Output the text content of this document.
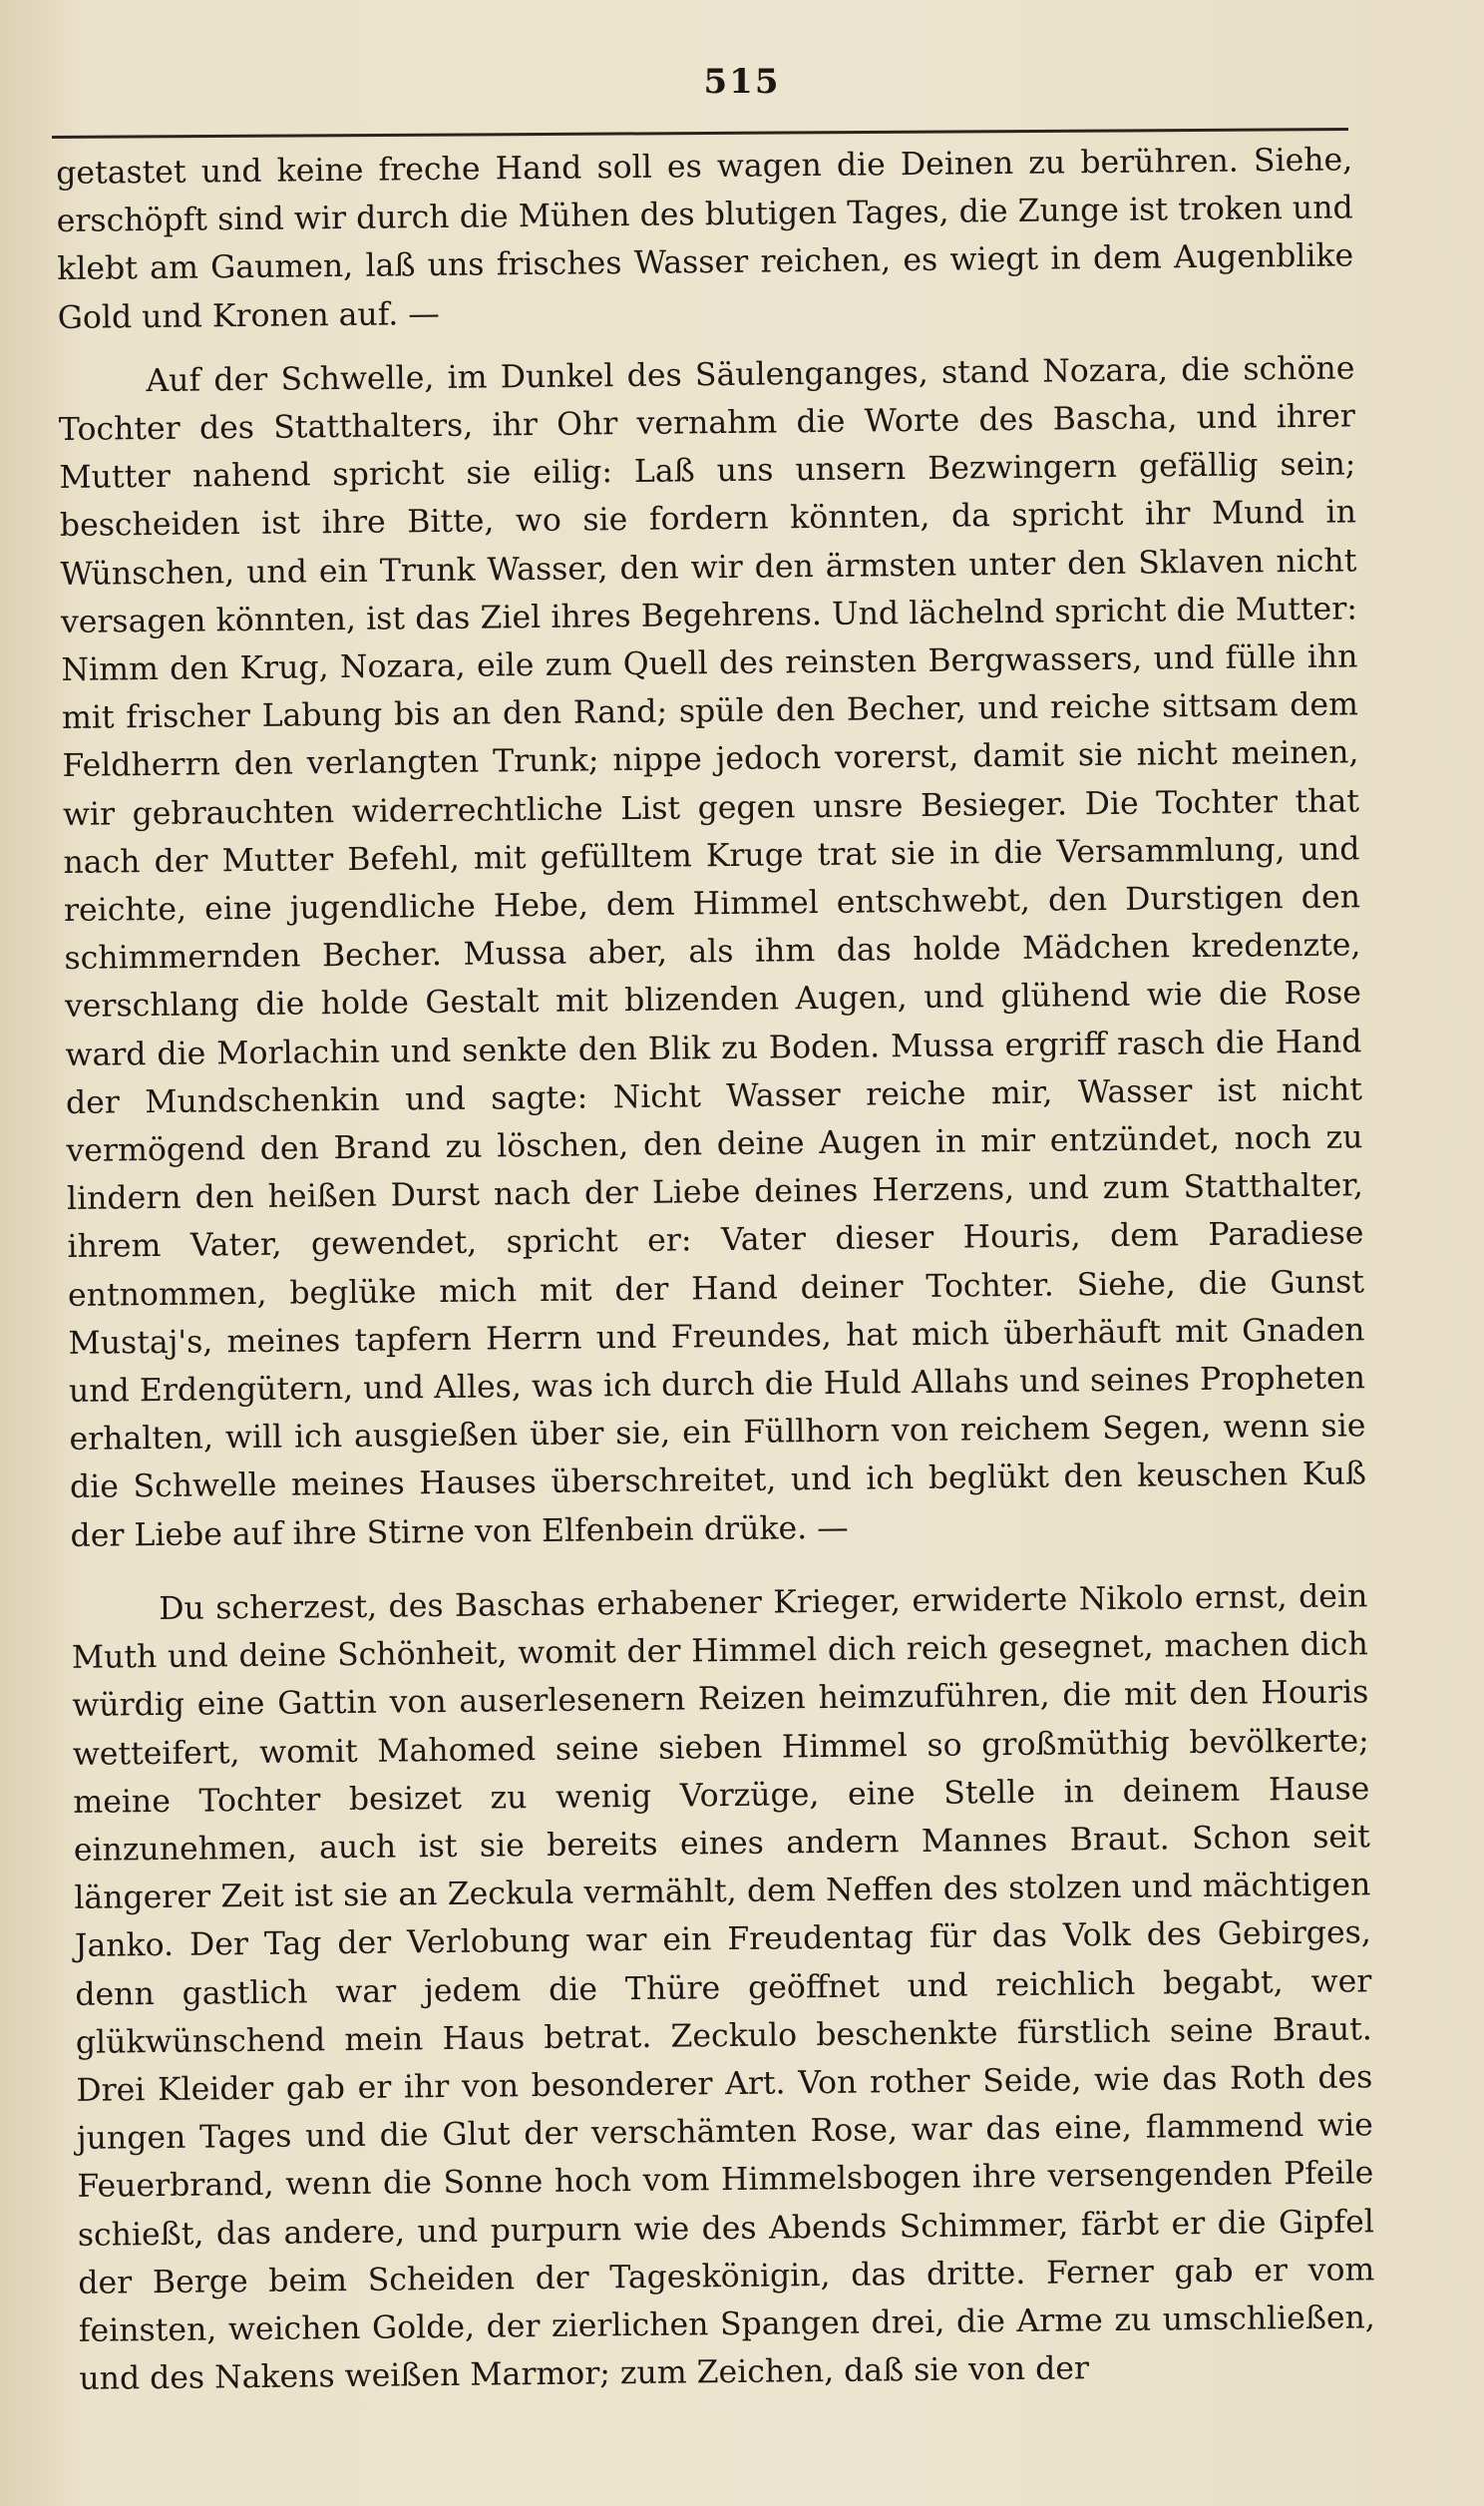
515

getastet und keine freche Hand soll es wagen die Deinen zu berühren. Siehe, erschöpft sind wir durch die Mühen des blutigen Tages, die Zunge ist troken und klebt am Gaumen, laß uns frisches Wasser reichen, es wiegt in dem Augenblike Gold und Kronen auf. —

Auf der Schwelle, im Dunkel des Säulenganges, stand Nozara, die schöne Tochter des Statthalters, ihr Ohr vernahm die Worte des Bascha, und ihrer Mutter nahend spricht sie eilig: Laß uns unsern Bezwingern gefällig sein; bescheiden ist ihre Bitte, wo sie fordern könnten, da spricht ihr Mund in Wünschen, und ein Trunk Wasser, den wir den ärmsten unter den Sklaven nicht versagen könnten, ist das Ziel ihres Begehrens. Und lächelnd spricht die Mutter: Nimm den Krug, Nozara, eile zum Quell des reinsten Bergwassers, und fülle ihn mit frischer Labung bis an den Rand; spüle den Becher, und reiche sittsam dem Feldherrn den verlangten Trunk; nippe jedoch vorerst, damit sie nicht meinen, wir gebrauchten widerrechtliche List gegen unsre Besieger. Die Tochter that nach der Mutter Befehl, mit gefülltem Kruge trat sie in die Versammlung, und reichte, eine jugendliche Hebe, dem Himmel entschwebt, den Durstigen den schimmernden Becher. Mussa aber, als ihm das holde Mädchen kredenzte, verschlang die holde Gestalt mit blizenden Augen, und glühend wie die Rose ward die Morlachin und senkte den Blik zu Boden. Mussa ergriff rasch die Hand der Mundschenkin und sagte: Nicht Wasser reiche mir, Wasser ist nicht vermögend den Brand zu löschen, den deine Augen in mir entzündet, noch zu lindern den heißen Durst nach der Liebe deines Herzens, und zum Statthalter, ihrem Vater, gewendet, spricht er: Vater dieser Houris, dem Paradiese entnommen, beglüke mich mit der Hand deiner Tochter. Siehe, die Gunst Mustaj's, meines tapfern Herrn und Freundes, hat mich überhäuft mit Gnaden und Erdengütern, und Alles, was ich durch die Huld Allahs und seines Propheten erhalten, will ich ausgießen über sie, ein Füllhorn von reichem Segen, wenn sie die Schwelle meines Hauses überschreitet, und ich beglükt den keuschen Kuß der Liebe auf ihre Stirne von Elfenbein drüke. —

Du scherzest, des Baschas erhabener Krieger, erwiderte Nikolo ernst, dein Muth und deine Schönheit, womit der Himmel dich reich gesegnet, machen dich würdig eine Gattin von auserlesenern Reizen heimzuführen, die mit den Houris wetteifert, womit Mahomed seine sieben Himmel so großmüthig bevölkerte; meine Tochter besizet zu wenig Vorzüge, eine Stelle in deinem Hause einzunehmen, auch ist sie bereits eines andern Mannes Braut. Schon seit längerer Zeit ist sie an Zeckula vermählt, dem Neffen des stolzen und mächtigen Janko. Der Tag der Verlobung war ein Freudentag für das Volk des Gebirges, denn gastlich war jedem die Thüre geöffnet und reichlich begabt, wer glükwünschend mein Haus betrat. Zeckulo beschenkte fürstlich seine Braut. Drei Kleider gab er ihr von besonderer Art. Von rother Seide, wie das Roth des jungen Tages und die Glut der verschämten Rose, war das eine, flammend wie Feuerbrand, wenn die Sonne hoch vom Himmelsbogen ihre versengenden Pfeile schießt, das andere, und purpurn wie des Abends Schimmer, färbt er die Gipfel der Berge beim Scheiden der Tageskönigin, das dritte. Ferner gab er vom feinsten, weichen Golde, der zierlichen Spangen drei, die Arme zu umschließen, und des Nakens weißen Marmor; zum Zeichen, daß sie von der
